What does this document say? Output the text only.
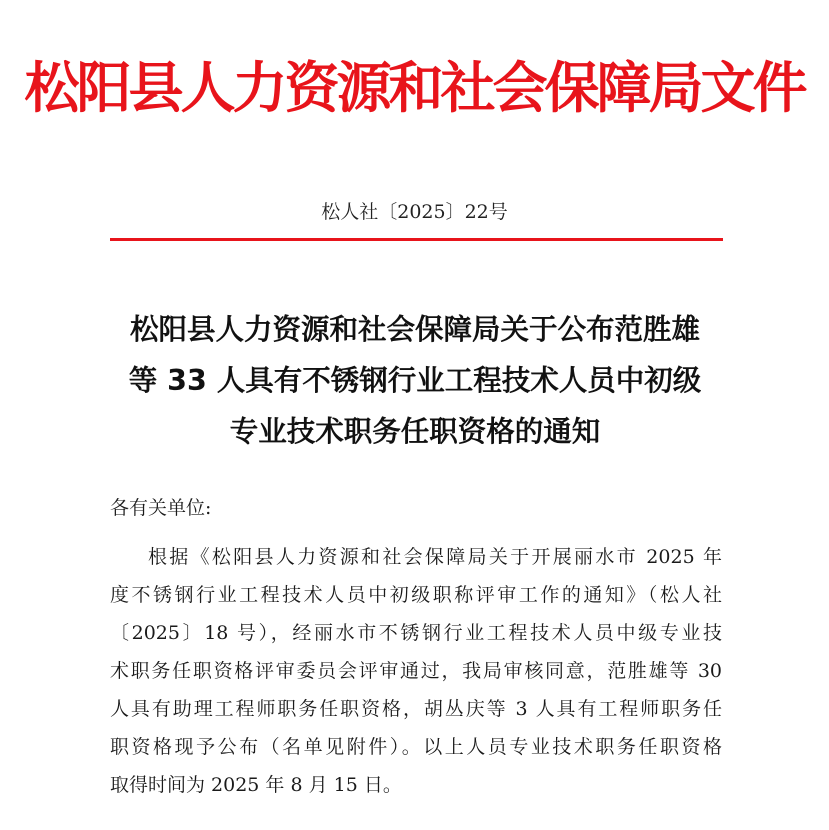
松阳县人力资源和社会保障局文件
松人社〔2025〕22号
松阳县人力资源和社会保障局关于公布范胜雄
等 33 人具有不锈钢行业工程技术人员中初级
专业技术职务任职资格的通知
各有关单位:
根据《松阳县人力资源和社会保障局关于开展丽水市 2025 年
度不锈钢行业工程技术人员中初级职称评审工作的通知》（松人社
〔2025〕18 号），经丽水市不锈钢行业工程技术人员中级专业技
术职务任职资格评审委员会评审通过，我局审核同意，范胜雄等 30
人具有助理工程师职务任职资格，胡丛庆等 3 人具有工程师职务任
职资格现予公布（名单见附件）。以上人员专业技术职务任职资格
取得时间为 2025 年 8 月 15 日。
